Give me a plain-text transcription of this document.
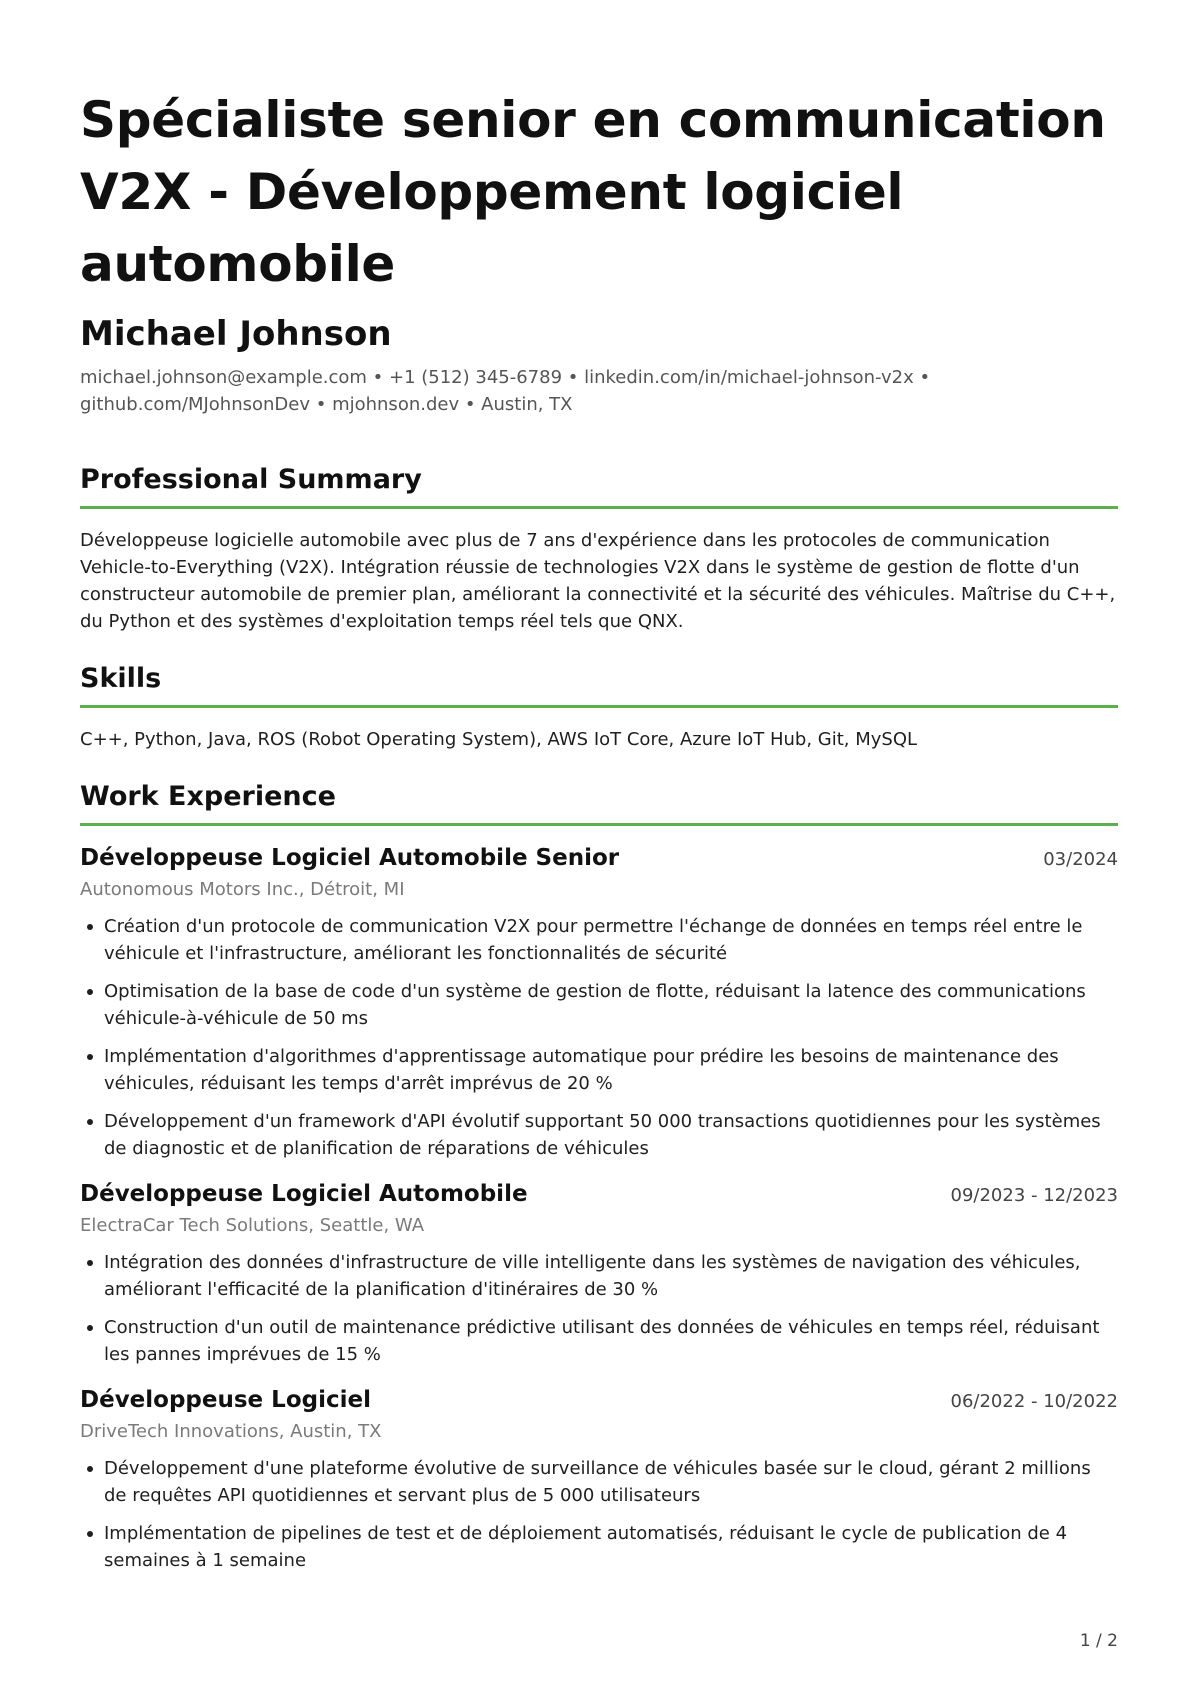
Spécialiste senior en communication V2X - Développement logiciel automobile
Michael Johnson
michael.johnson@example.com • +1 (512) 345-6789 • linkedin.com/in/michael-johnson-v2x •
github.com/MJohnsonDev • mjohnson.dev • Austin, TX
Professional Summary
Développeuse logicielle automobile avec plus de 7 ans d'expérience dans les protocoles de communication Vehicle-to-Everything (V2X). Intégration réussie de technologies V2X dans le système de gestion de flotte d'un constructeur automobile de premier plan, améliorant la connectivité et la sécurité des véhicules. Maîtrise du C++, du Python et des systèmes d'exploitation temps réel tels que QNX.
Skills
C++, Python, Java, ROS (Robot Operating System), AWS IoT Core, Azure IoT Hub, Git, MySQL
Work Experience
Développeuse Logiciel Automobile Senior	03/2024
Autonomous Motors Inc., Détroit, MI
Création d'un protocole de communication V2X pour permettre l'échange de données en temps réel entre le véhicule et l'infrastructure, améliorant les fonctionnalités de sécurité
Optimisation de la base de code d'un système de gestion de flotte, réduisant la latence des communications véhicule-à-véhicule de 50 ms
Implémentation d'algorithmes d'apprentissage automatique pour prédire les besoins de maintenance des véhicules, réduisant les temps d'arrêt imprévus de 20 %
Développement d'un framework d'API évolutif supportant 50 000 transactions quotidiennes pour les systèmes de diagnostic et de planification de réparations de véhicules
Développeuse Logiciel Automobile	09/2023 - 12/2023
ElectraCar Tech Solutions, Seattle, WA
Intégration des données d'infrastructure de ville intelligente dans les systèmes de navigation des véhicules, améliorant l'efficacité de la planification d'itinéraires de 30 %
Construction d'un outil de maintenance prédictive utilisant des données de véhicules en temps réel, réduisant les pannes imprévues de 15 %
Développeuse Logiciel	06/2022 - 10/2022
DriveTech Innovations, Austin, TX
Développement d'une plateforme évolutive de surveillance de véhicules basée sur le cloud, gérant 2 millions de requêtes API quotidiennes et servant plus de 5 000 utilisateurs
Implémentation de pipelines de test et de déploiement automatisés, réduisant le cycle de publication de 4 semaines à 1 semaine
1 / 2
